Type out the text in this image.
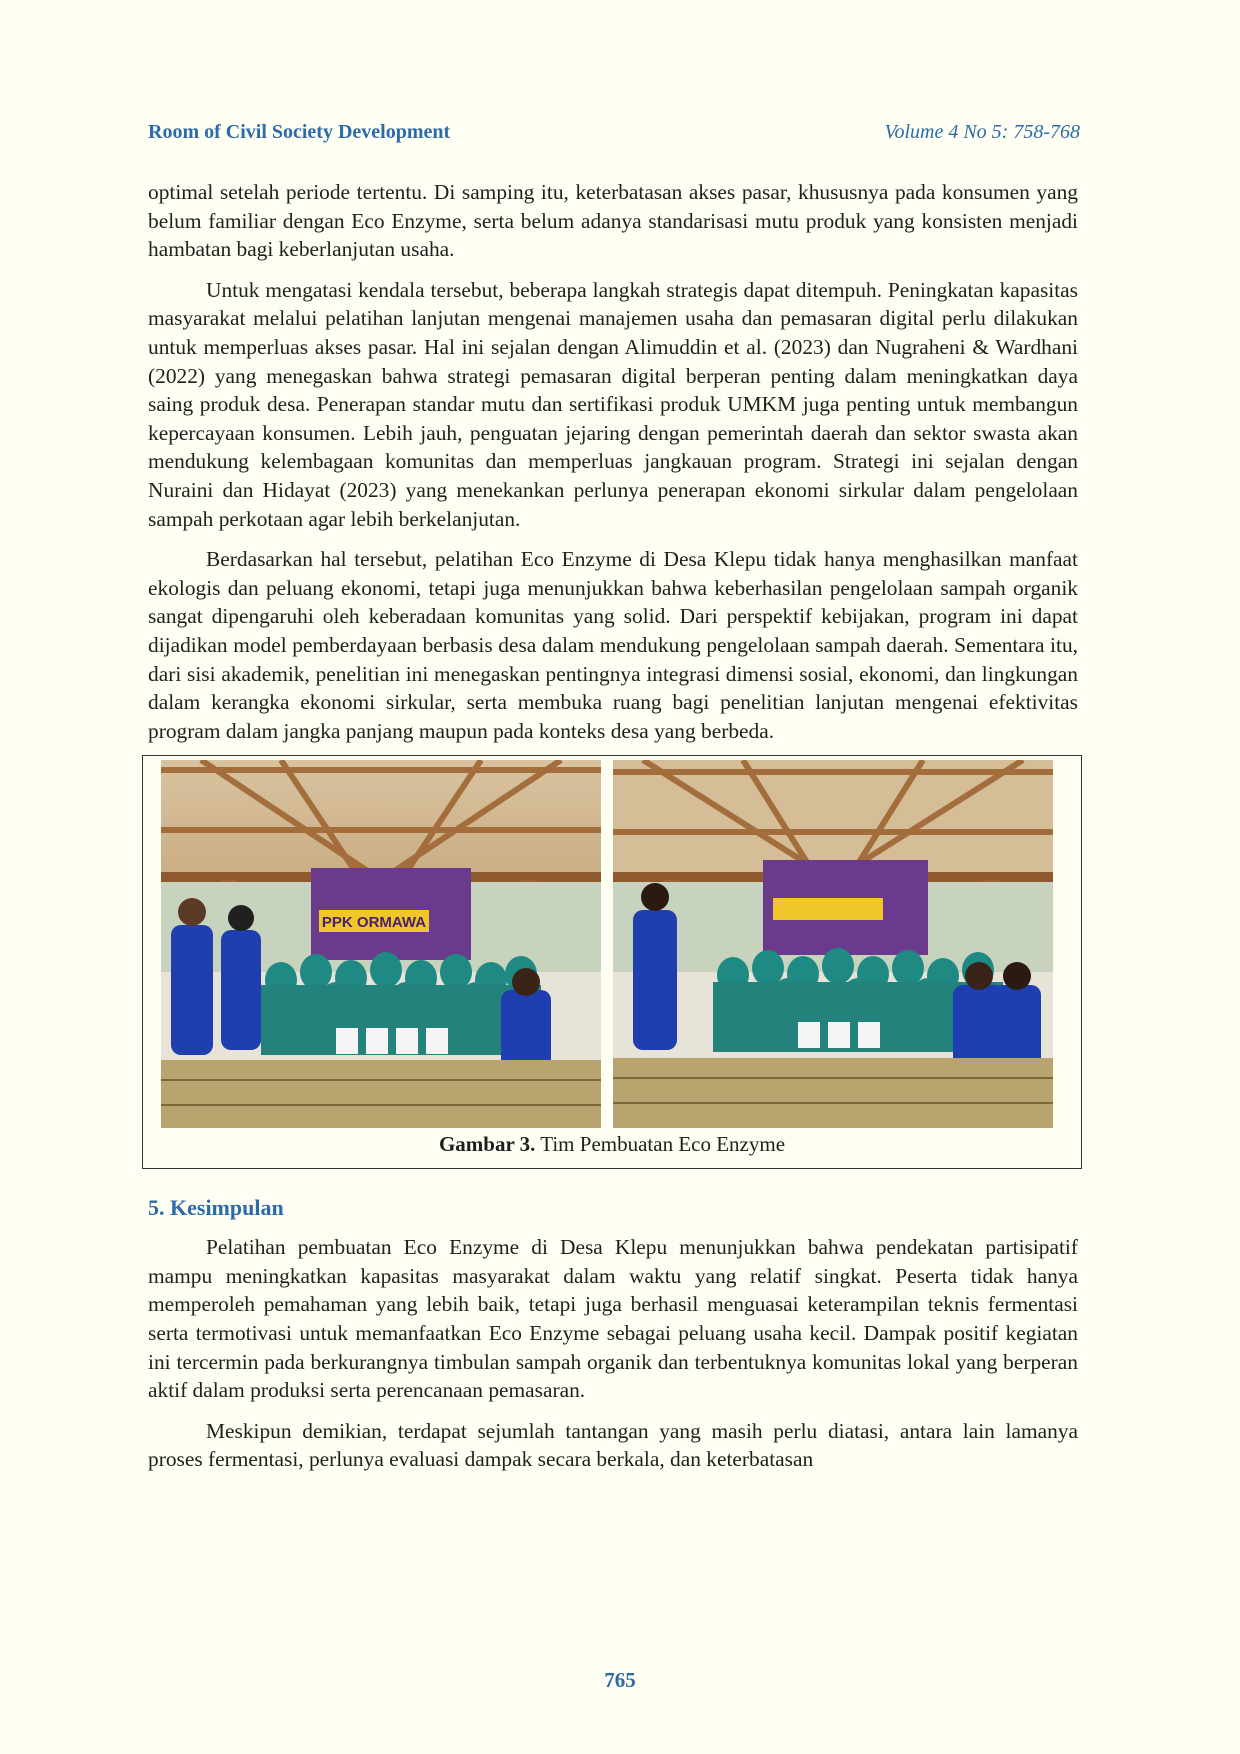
Room of Civil Society Development	Volume 4 No 5: 758-768

optimal setelah periode tertentu. Di samping itu, keterbatasan akses pasar, khususnya pada konsumen yang belum familiar dengan Eco Enzyme, serta belum adanya standarisasi mutu produk yang konsisten menjadi hambatan bagi keberlanjutan usaha.

Untuk mengatasi kendala tersebut, beberapa langkah strategis dapat ditempuh. Peningkatan kapasitas masyarakat melalui pelatihan lanjutan mengenai manajemen usaha dan pemasaran digital perlu dilakukan untuk memperluas akses pasar. Hal ini sejalan dengan Alimuddin et al. (2023) dan Nugraheni & Wardhani (2022) yang menegaskan bahwa strategi pemasaran digital berperan penting dalam meningkatkan daya saing produk desa. Penerapan standar mutu dan sertifikasi produk UMKM juga penting untuk membangun kepercayaan konsumen. Lebih jauh, penguatan jejaring dengan pemerintah daerah dan sektor swasta akan mendukung kelembagaan komunitas dan memperluas jangkauan program. Strategi ini sejalan dengan Nuraini dan Hidayat (2023) yang menekankan perlunya penerapan ekonomi sirkular dalam pengelolaan sampah perkotaan agar lebih berkelanjutan.

Berdasarkan hal tersebut, pelatihan Eco Enzyme di Desa Klepu tidak hanya menghasilkan manfaat ekologis dan peluang ekonomi, tetapi juga menunjukkan bahwa keberhasilan pengelolaan sampah organik sangat dipengaruhi oleh keberadaan komunitas yang solid. Dari perspektif kebijakan, program ini dapat dijadikan model pemberdayaan berbasis desa dalam mendukung pengelolaan sampah daerah. Sementara itu, dari sisi akademik, penelitian ini menegaskan pentingnya integrasi dimensi sosial, ekonomi, dan lingkungan dalam kerangka ekonomi sirkular, serta membuka ruang bagi penelitian lanjutan mengenai efektivitas program dalam jangka panjang maupun pada konteks desa yang berbeda.

PPK ORMAWA
Gambar 3. Tim Pembuatan Eco Enzyme
5. Kesimpulan

Pelatihan pembuatan Eco Enzyme di Desa Klepu menunjukkan bahwa pendekatan partisipatif mampu meningkatkan kapasitas masyarakat dalam waktu yang relatif singkat. Peserta tidak hanya memperoleh pemahaman yang lebih baik, tetapi juga berhasil menguasai keterampilan teknis fermentasi serta termotivasi untuk memanfaatkan Eco Enzyme sebagai peluang usaha kecil. Dampak positif kegiatan ini tercermin pada berkurangnya timbulan sampah organik dan terbentuknya komunitas lokal yang berperan aktif dalam produksi serta perencanaan pemasaran.

Meskipun demikian, terdapat sejumlah tantangan yang masih perlu diatasi, antara lain lamanya proses fermentasi, perlunya evaluasi dampak secara berkala, dan keterbatasan

765
